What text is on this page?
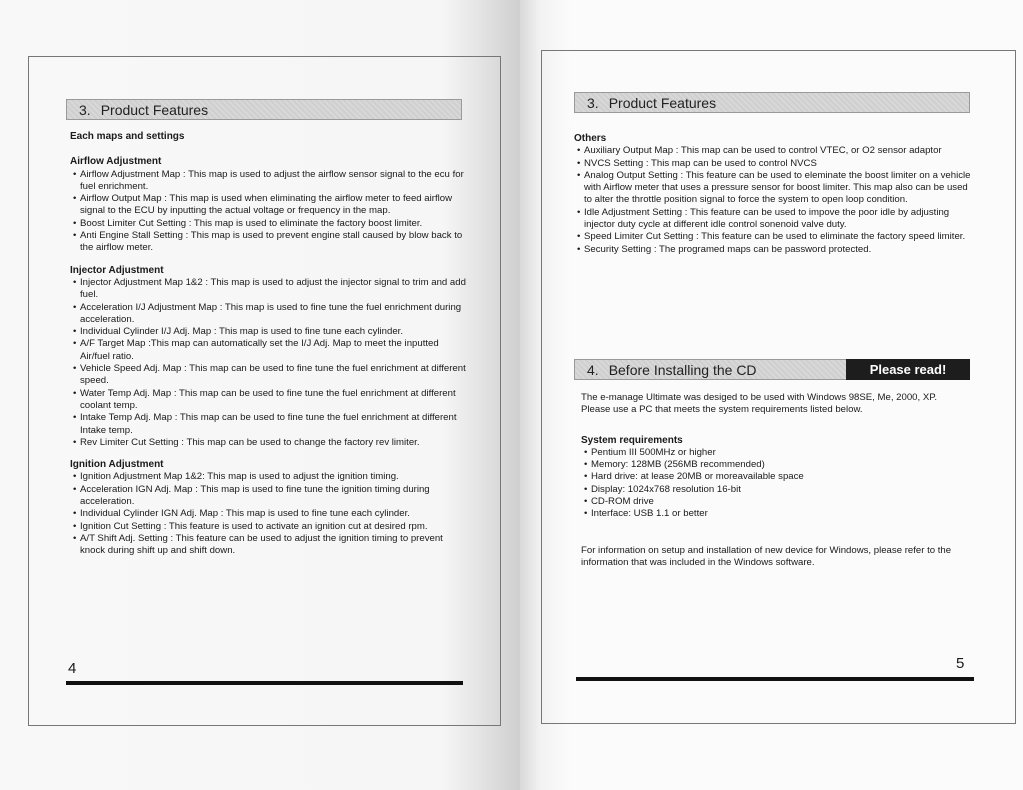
3. Product Features
Each maps and settings
Airflow Adjustment
• Airflow Adjustment Map : This map is used to adjust the airflow sensor signal to the ecu for fuel enrichment.
• Airflow Output Map : This map is used when eliminating the airflow meter to feed airflow signal to the ECU by inputting the actual voltage or frequency in the map.
• Boost Limiter Cut Setting : This map is used to eliminate the factory boost limiter.
• Anti Engine Stall Setting : This map is used to prevent engine stall caused by blow back to the airflow meter.
Injector Adjustment
• Injector Adjustment Map 1&2 : This map is used to adjust the injector signal to trim and add fuel.
• Acceleration I/J Adjustment Map : This map is used to fine tune the fuel enrichment during acceleration.
• Individual Cylinder I/J Adj. Map : This map is used to fine tune each cylinder.
• A/F Target Map :This map can automatically set the I/J Adj. Map to meet the inputted Air/fuel ratio.
• Vehicle Speed Adj. Map : This map can be used to fine tune the fuel enrichment at different speed.
• Water Temp Adj. Map : This map can be used to fine tune the fuel enrichment at different coolant temp.
• Intake Temp Adj. Map : This map can be used to fine tune the fuel enrichment at different Intake temp.
• Rev Limiter Cut Setting : This map can be used to change the factory rev limiter.
Ignition Adjustment
• Ignition Adjustment Map 1&2: This map is used to adjust the ignition timing.
• Acceleration IGN Adj. Map : This map is used to fine tune the ignition timing during acceleration.
• Individual Cylinder IGN Adj. Map : This map is used to fine tune each cylinder.
• Ignition Cut Setting : This feature is used to activate an ignition cut at desired rpm.
• A/T Shift Adj. Setting : This feature can be used to adjust the ignition timing to prevent knock during shift up and shift down.
4
3. Product Features
Others
• Auxiliary Output Map : This map can be used to control VTEC, or O2 sensor adaptor
• NVCS Setting : This map can be used to control NVCS
• Analog Output Setting : This feature can be used to eleminate the boost limiter on a vehicle with Airflow meter that uses a pressure sensor for boost limiter. This map also can be used to alter the throttle position signal to force the system to open loop condition.
• Idle Adjustment Setting : This feature can be used to impove the poor idle by adjusting injector duty cycle at different idle control sonenoid valve duty.
• Speed Limiter Cut Setting : This feature can be used to eliminate the factory speed limiter.
• Security Setting : The programed maps can be password protected.
4. Before Installing the CD	Please read!
The e-manage Ultimate was desiged to be used with Windows 98SE, Me, 2000, XP.
Please use a PC that meets the system requirements listed below.
System requirements
• Pentium III 500MHz or higher
• Memory: 128MB (256MB recommended)
• Hard drive: at lease 20MB or moreavailable space
• Display: 1024x768 resolution 16-bit
• CD-ROM drive
• Interface: USB 1.1 or better
For information on setup and installation of new device for Windows, please refer to the information that was included in the Windows software.
5
